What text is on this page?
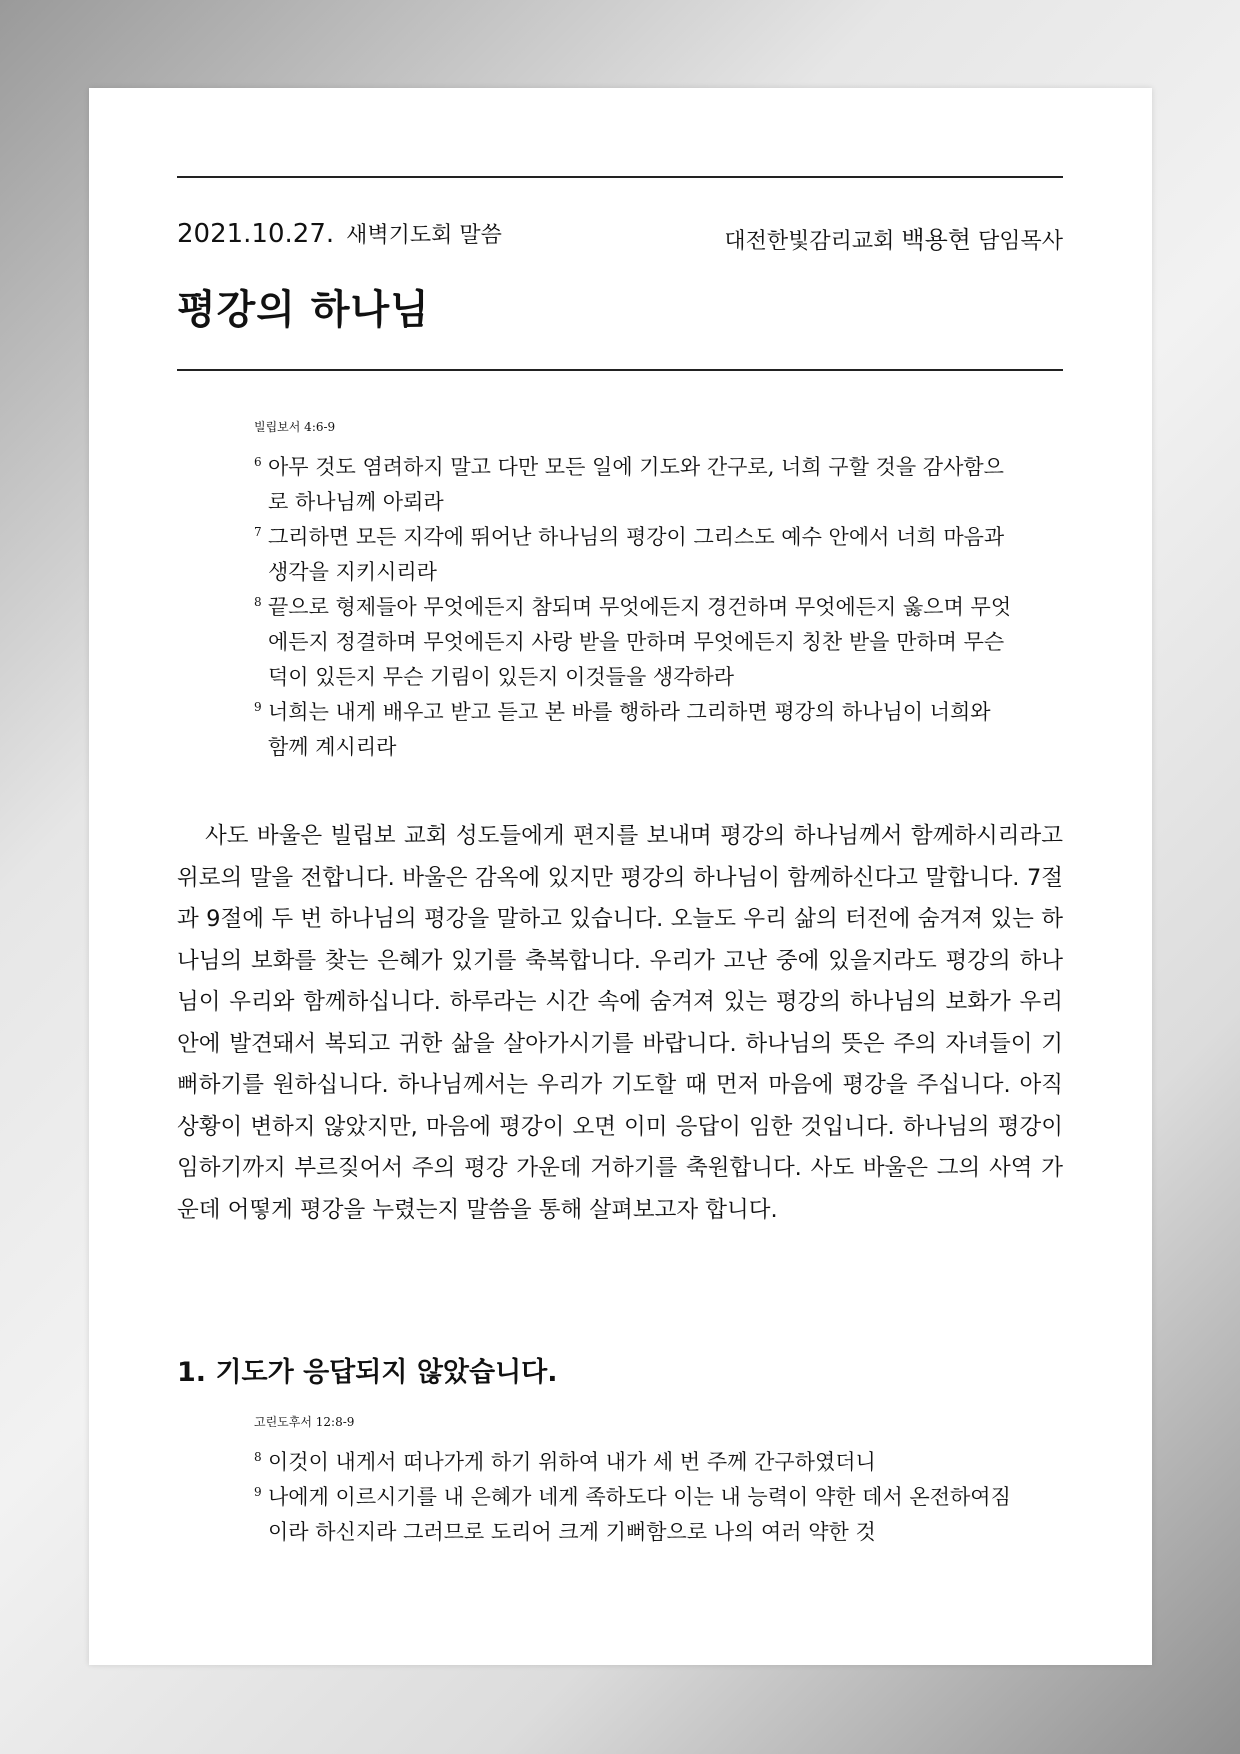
2021.10.27. 새벽기도회 말씀	대전한빛감리교회 백용현 담임목사
평강의 하나님
빌립보서 4:6-9
6 아무 것도 염려하지 말고 다만 모든 일에 기도와 간구로, 너희 구할 것을 감사함으로 하나님께 아뢰라
7 그리하면 모든 지각에 뛰어난 하나님의 평강이 그리스도 예수 안에서 너희 마음과 생각을 지키시리라
8 끝으로 형제들아 무엇에든지 참되며 무엇에든지 경건하며 무엇에든지 옳으며 무엇에든지 정결하며 무엇에든지 사랑 받을 만하며 무엇에든지 칭찬 받을 만하며 무슨 덕이 있든지 무슨 기림이 있든지 이것들을 생각하라
9 너희는 내게 배우고 받고 듣고 본 바를 행하라 그리하면 평강의 하나님이 너희와 함께 계시리라

사도 바울은 빌립보 교회 성도들에게 편지를 보내며 평강의 하나님께서 함께하시리라고 위로의 말을 전합니다. 바울은 감옥에 있지만 평강의 하나님이 함께하신다고 말합니다. 7절과 9절에 두 번 하나님의 평강을 말하고 있습니다. 오늘도 우리 삶의 터전에 숨겨져 있는 하나님의 보화를 찾는 은혜가 있기를 축복합니다. 우리가 고난 중에 있을지라도 평강의 하나님이 우리와 함께하십니다. 하루라는 시간 속에 숨겨져 있는 평강의 하나님의 보화가 우리 안에 발견돼서 복되고 귀한 삶을 살아가시기를 바랍니다. 하나님의 뜻은 주의 자녀들이 기뻐하기를 원하십니다. 하나님께서는 우리가 기도할 때 먼저 마음에 평강을 주십니다. 아직 상황이 변하지 않았지만, 마음에 평강이 오면 이미 응답이 임한 것입니다. 하나님의 평강이 임하기까지 부르짖어서 주의 평강 가운데 거하기를 축원합니다. 사도 바울은 그의 사역 가운데 어떻게 평강을 누렸는지 말씀을 통해 살펴보고자 합니다.

1. 기도가 응답되지 않았습니다.
고린도후서 12:8-9
8 이것이 내게서 떠나가게 하기 위하여 내가 세 번 주께 간구하였더니
9 나에게 이르시기를 내 은혜가 네게 족하도다 이는 내 능력이 약한 데서 온전하여짐이라 하신지라 그러므로 도리어 크게 기뻐함으로 나의 여러 약한 것
